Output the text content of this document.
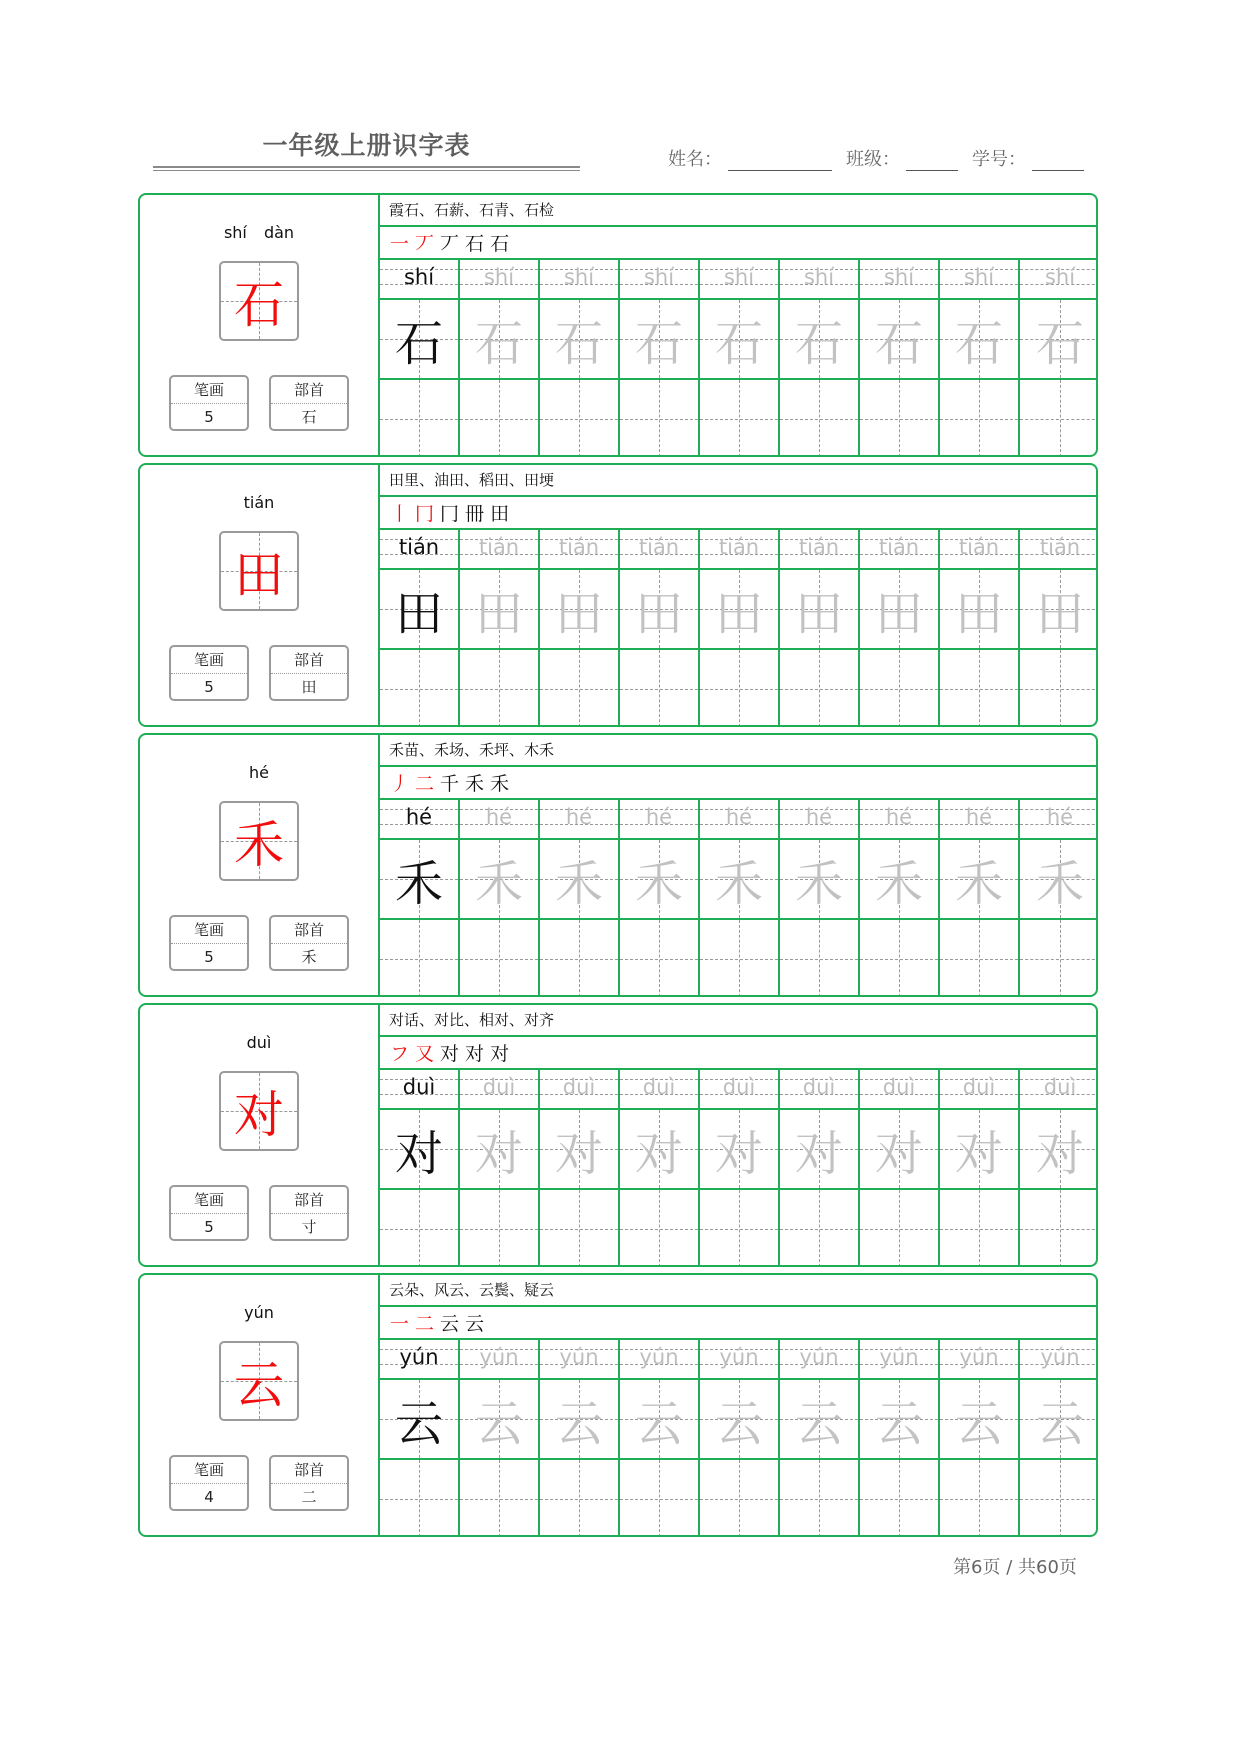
一年级上册识字表	姓名：	班级：	学号：
shí dàn
石
笔画
5
部首
石
霞石、石薪、石青、石检
一 丆 丆 石 石
shí
石
shí
石
shí
石
shí
石
shí
石
shí
石
shí
石
shí
石
shí
石
tián
田
笔画
5
部首
田
田里、油田、稻田、田埂
丨 冂 冂 冊 田
tián
田
tián
田
tián
田
tián
田
tián
田
tián
田
tián
田
tián
田
tián
田
hé
禾
笔画
5
部首
禾
禾苗、禾场、禾坪、木禾
丿 二 千 禾 禾
hé
禾
hé
禾
hé
禾
hé
禾
hé
禾
hé
禾
hé
禾
hé
禾
hé
禾
duì
对
笔画
5
部首
寸
对话、对比、相对、对齐
フ 又 对 对 对
duì
对
duì
对
duì
对
duì
对
duì
对
duì
对
duì
对
duì
对
duì
对
yún
云
笔画
4
部首
二
云朵、风云、云鬓、疑云
一 二 云 云
yún
云
yún
云
yún
云
yún
云
yún
云
yún
云
yún
云
yún
云
yún
云
第6页 / 共60页
